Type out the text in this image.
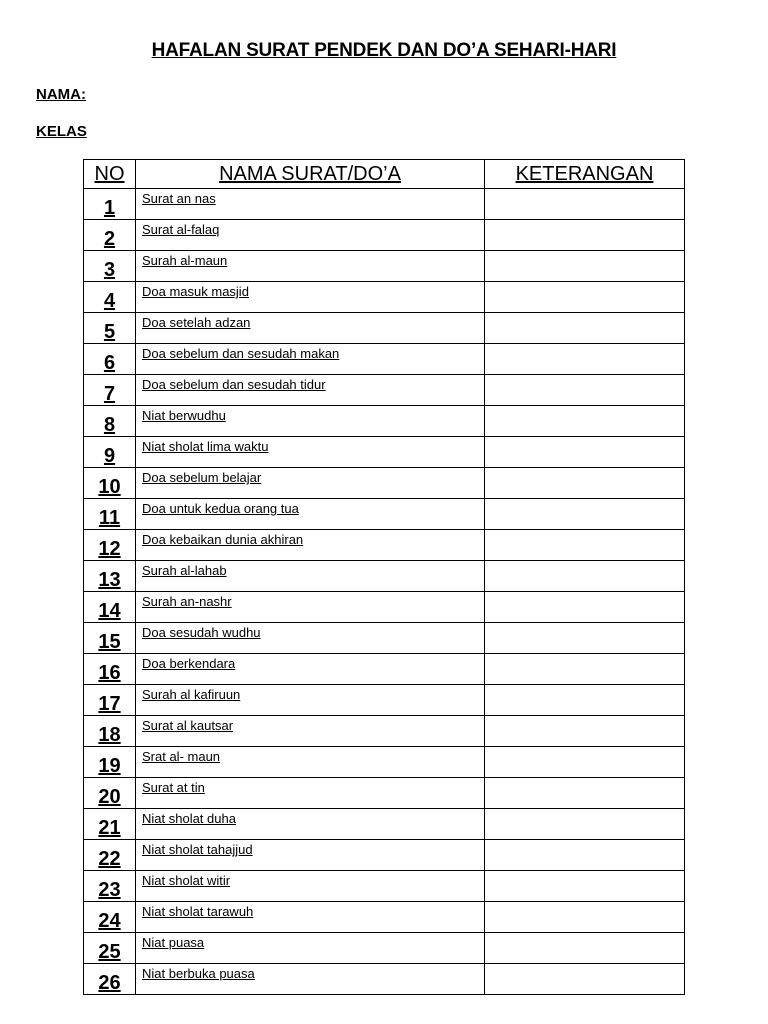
HAFALAN SURAT PENDEK DAN DO’A SEHARI-HARI
NAMA:
KELAS
NO	NAMA SURAT/DO’A	KETERANGAN
1	Surat an nas	
2	Surat al-falaq	
3	Surah al-maun	
4	Doa masuk masjid	
5	Doa setelah adzan	
6	Doa sebelum dan sesudah makan	
7	Doa sebelum dan sesudah tidur	
8	Niat berwudhu	
9	Niat sholat lima waktu	
10	Doa sebelum belajar	
11	Doa untuk kedua orang tua	
12	Doa kebaikan dunia akhiran	
13	Surah al-lahab	
14	Surah an-nashr	
15	Doa sesudah wudhu	
16	Doa berkendara	
17	Surah al kafiruun	
18	Surat al kautsar	
19	Srat al- maun	
20	Surat at tin	
21	Niat sholat duha	
22	Niat sholat tahajjud	
23	Niat sholat witir	
24	Niat sholat tarawuh	
25	Niat puasa	
26	Niat berbuka puasa	
